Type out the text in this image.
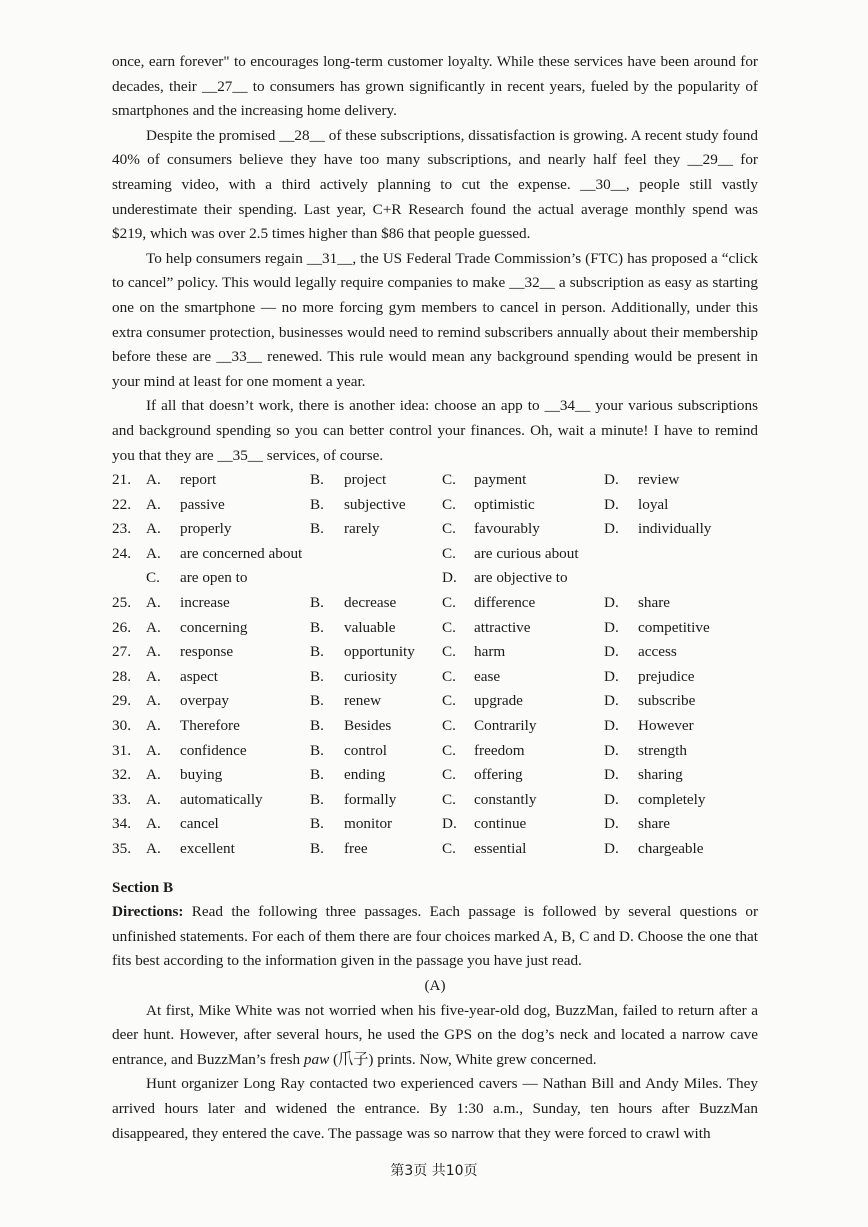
once, earn forever" to encourages long-term customer loyalty. While these services have been around for decades, their __27__ to consumers has grown significantly in recent years, fueled by the popularity of smartphones and the increasing home delivery.

Despite the promised __28__ of these subscriptions, dissatisfaction is growing. A recent study found 40% of consumers believe they have too many subscriptions, and nearly half feel they __29__ for streaming video, with a third actively planning to cut the expense. __30__, people still vastly underestimate their spending. Last year, C+R Research found the actual average monthly spend was $219, which was over 2.5 times higher than $86 that people guessed.

To help consumers regain __31__, the US Federal Trade Commission’s (FTC) has proposed a “click to cancel” policy. This would legally require companies to make __32__ a subscription as easy as starting one on the smartphone — no more forcing gym members to cancel in person. Additionally, under this extra consumer protection, businesses would need to remind subscribers annually about their membership before these are __33__ renewed. This rule would mean any background spending would be present in your mind at least for one moment a year.

If all that doesn’t work, there is another idea: choose an app to __34__ your various subscriptions and background spending so you can better control your finances. Oh, wait a minute! I have to remind you that they are __35__ services, of course.

21. A. report	B. project	C. payment	D. review
22. A. passive	B. subjective C. optimistic	D. loyal
23. A. properly	B. rarely	C. favourably	D. individually
24. A. are concerned about	C. are curious about
C. are open to	D. are objective to
25. A. increase	B. decrease	C. difference	D. share
26. A. concerning	B. valuable	C. attractive	D. competitive
27. A. response	B. opportunity C. harm	D. access
28. A. aspect	B. curiosity	C. ease	D. prejudice
29. A. overpay	B. renew	C. upgrade	D. subscribe
30. A. Therefore	B. Besides	C. Contrarily	D. However
31. A. confidence	B. control	C. freedom	D. strength
32. A. buying	B. ending	C. offering	D. sharing
33. A. automatically	B. formally	C. constantly	D. completely
34. A. cancel	B. monitor	D. continue	D. share
35. A. excellent	B. free	C. essential	D. chargeable
Section B

Directions: Read the following three passages. Each passage is followed by several questions or unfinished statements. For each of them there are four choices marked A, B, C and D. Choose the one that fits best according to the information given in the passage you have just read.

(A)

At first, Mike White was not worried when his five-year-old dog, BuzzMan, failed to return after a deer hunt. However, after several hours, he used the GPS on the dog’s neck and located a narrow cave entrance, and BuzzMan’s fresh paw (爪子) prints. Now, White grew concerned.

Hunt organizer Long Ray contacted two experienced cavers — Nathan Bill and Andy Miles. They arrived hours later and widened the entrance. By 1:30 a.m., Sunday, ten hours after BuzzMan disappeared, they entered the cave. The passage was so narrow that they were forced to crawl with

第3页 共10页
